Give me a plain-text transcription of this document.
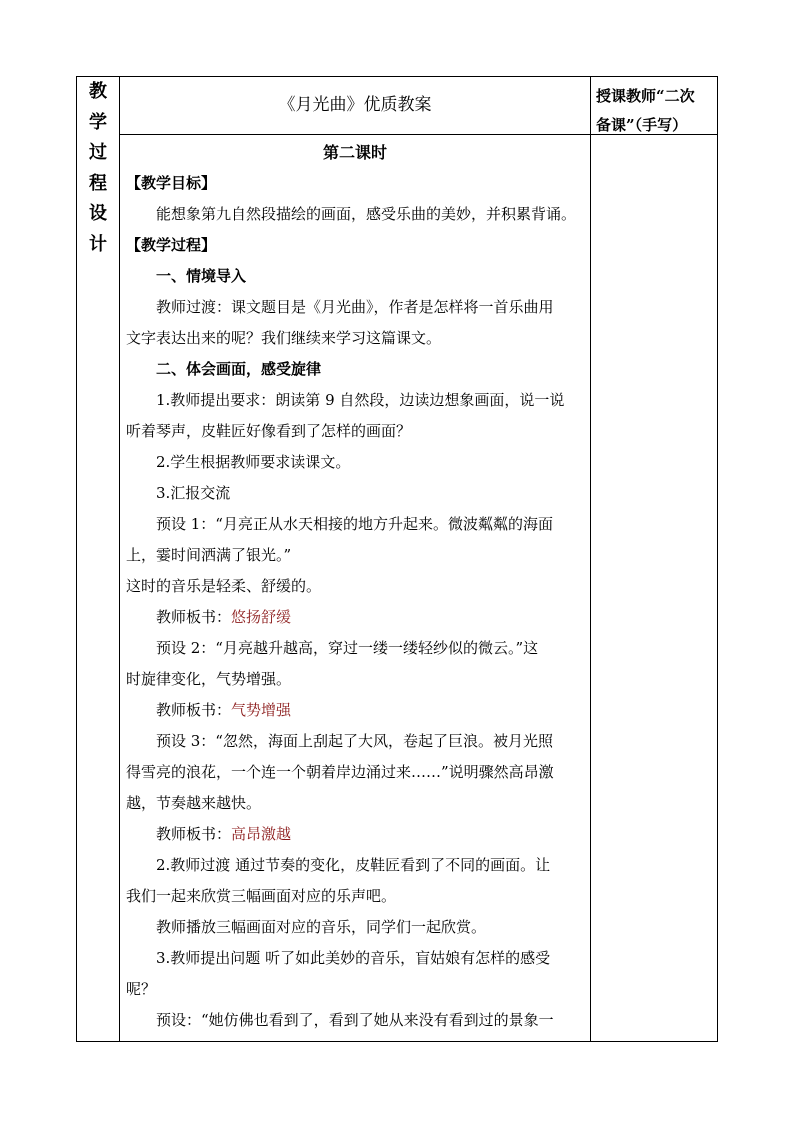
教
学
过
程
设
计
《月光曲》优质教案	授课教师“二次
备课”（手写）
第二课时
【教学目标】
能想象第九自然段描绘的画面，感受乐曲的美妙，并积累背诵。
【教学过程】
一、情境导入
教师过渡：课文题目是《月光曲》，作者是怎样将一首乐曲用
文字表达出来的呢？我们继续来学习这篇课文。
二、体会画面，感受旋律
1.教师提出要求：朗读第 9 自然段，边读边想象画面，说一说
听着琴声，皮鞋匠好像看到了怎样的画面？
2.学生根据教师要求读课文。
3.汇报交流
预设 1：“月亮正从水天相接的地方升起来。微波粼粼的海面
上，霎时间洒满了银光。”
这时的音乐是轻柔、舒缓的。
教师板书：悠扬舒缓
预设 2：“月亮越升越高，穿过一缕一缕轻纱似的微云。”这
时旋律变化，气势增强。
教师板书：气势增强
预设 3：“忽然，海面上刮起了大风，卷起了巨浪。被月光照
得雪亮的浪花，一个连一个朝着岸边涌过来……”说明骤然高昂激
越，节奏越来越快。
教师板书：高昂激越
2.教师过渡 通过节奏的变化，皮鞋匠看到了不同的画面。让
我们一起来欣赏三幅画面对应的乐声吧。
教师播放三幅画面对应的音乐，同学们一起欣赏。
3.教师提出问题 听了如此美妙的音乐，盲姑娘有怎样的感受
呢？
预设：“她仿佛也看到了，看到了她从来没有看到过的景象一
